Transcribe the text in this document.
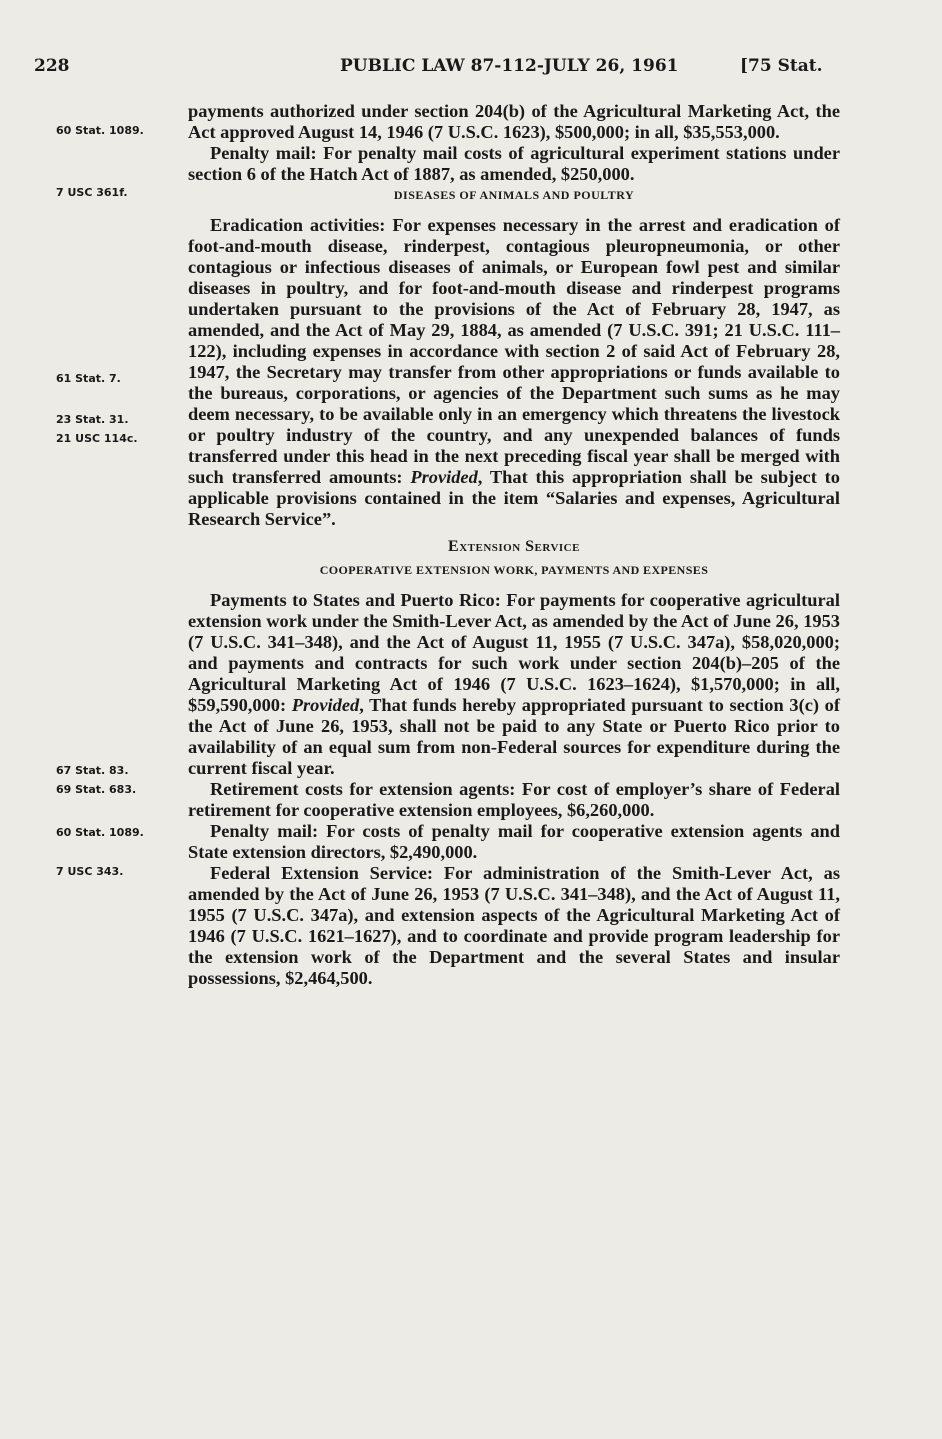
228	PUBLIC LAW 87-112-JULY 26, 1961	[75 Stat.
60 Stat. 1089.
7 USC 361f.
61 Stat. 7.
23 Stat. 31.
21 USC 114c.
67 Stat. 83.
69 Stat. 683.
60 Stat. 1089.
7 USC 343.

payments authorized under section 204(b) of the Agricultural Marketing Act, the Act approved August 14, 1946 (7 U.S.C. 1623), $500,000; in all, $35,553,000.

Penalty mail: For penalty mail costs of agricultural experiment stations under section 6 of the Hatch Act of 1887, as amended, $250,000.

DISEASES OF ANIMALS AND POULTRY

Eradication activities: For expenses necessary in the arrest and eradication of foot-and-mouth disease, rinderpest, contagious pleuropneumonia, or other contagious or infectious diseases of animals, or European fowl pest and similar diseases in poultry, and for foot-and-mouth disease and rinderpest programs undertaken pursuant to the provisions of the Act of February 28, 1947, as amended, and the Act of May 29, 1884, as amended (7 U.S.C. 391; 21 U.S.C. 111–122), including expenses in accordance with section 2 of said Act of February 28, 1947, the Secretary may transfer from other appropriations or funds available to the bureaus, corporations, or agencies of the Department such sums as he may deem necessary, to be available only in an emergency which threatens the livestock or poultry industry of the country, and any unexpended balances of funds transferred under this head in the next preceding fiscal year shall be merged with such transferred amounts: Provided, That this appropriation shall be subject to applicable provisions contained in the item “Salaries and expenses, Agricultural Research Service”.

Extension Service
COOPERATIVE EXTENSION WORK, PAYMENTS AND EXPENSES

Payments to States and Puerto Rico: For payments for cooperative agricultural extension work under the Smith-Lever Act, as amended by the Act of June 26, 1953 (7 U.S.C. 341–348), and the Act of August 11, 1955 (7 U.S.C. 347a), $58,020,000; and payments and contracts for such work under section 204(b)–205 of the Agricultural Marketing Act of 1946 (7 U.S.C. 1623–1624), $1,570,000; in all, $59,590,000: Provided, That funds hereby appropriated pursuant to section 3(c) of the Act of June 26, 1953, shall not be paid to any State or Puerto Rico prior to availability of an equal sum from non-Federal sources for expenditure during the current fiscal year.

Retirement costs for extension agents: For cost of employer’s share of Federal retirement for cooperative extension employees, $6,260,000.

Penalty mail: For costs of penalty mail for cooperative extension agents and State extension directors, $2,490,000.

Federal Extension Service: For administration of the Smith-Lever Act, as amended by the Act of June 26, 1953 (7 U.S.C. 341–348), and the Act of August 11, 1955 (7 U.S.C. 347a), and extension aspects of the Agricultural Marketing Act of 1946 (7 U.S.C. 1621–1627), and to coordinate and provide program leadership for the extension work of the Department and the several States and insular possessions, $2,464,500.
